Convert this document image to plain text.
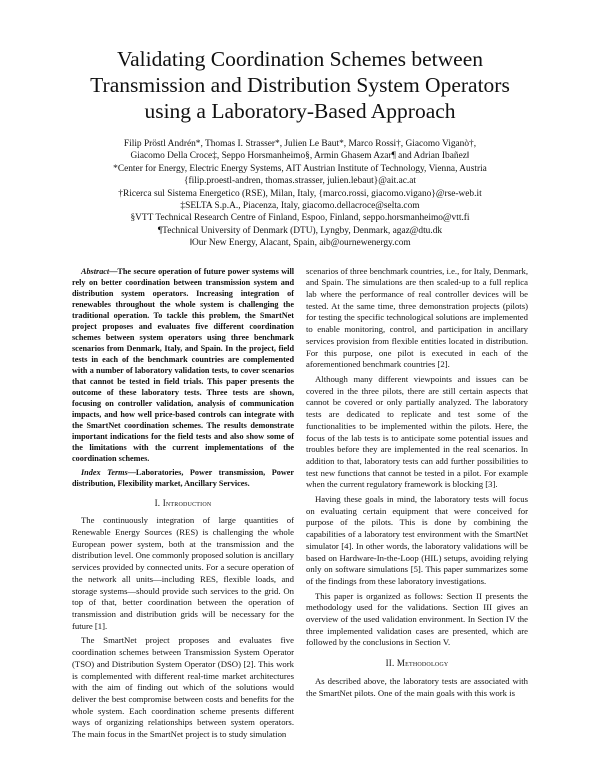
Validating Coordination Schemes between
Transmission and Distribution System Operators
using a Laboratory-Based Approach
Filip Pröstl Andrén*, Thomas I. Strasser*, Julien Le Baut*, Marco Rossi†, Giacomo Viganò†,
Giacomo Della Croce‡, Seppo Horsmanheimo§, Armin Ghasem Azar¶ and Adrian Ibañez‖
*Center for Energy, Electric Energy Systems, AIT Austrian Institute of Technology, Vienna, Austria
{filip.proestl-andren, thomas.strasser, julien.lebaut}@ait.ac.at
†Ricerca sul Sistema Energetico (RSE), Milan, Italy, {marco.rossi, giacomo.vigano}@rse-web.it
‡SELTA S.p.A., Piacenza, Italy, giacomo.dellacroce@selta.com
§VTT Technical Research Centre of Finland, Espoo, Finland, seppo.horsmanheimo@vtt.fi
¶Technical University of Denmark (DTU), Lyngby, Denmark, agaz@dtu.dk
‖Our New Energy, Alacant, Spain, aib@ournewenergy.com

Abstract—The secure operation of future power systems will rely on better coordination between transmission system and distribution system operators. Increasing integration of renewables throughout the whole system is challenging the traditional operation. To tackle this problem, the SmartNet project proposes and evaluates five different coordination schemes between system operators using three benchmark scenarios from Denmark, Italy, and Spain. In the project, field tests in each of the benchmark countries are complemented with a number of laboratory validation tests, to cover scenarios that cannot be tested in field trials. This paper presents the outcome of these laboratory tests. Three tests are shown, focusing on controller validation, analysis of communication impacts, and how well price-based controls can integrate with the SmartNet coordination schemes. The results demonstrate important indications for the field tests and also show some of the limitations with the current implementations of the coordination schemes.

Index Terms—Laboratories, Power transmission, Power distribution, Flexibility market, Ancillary Services.
I. Introduction

The continuously integration of large quantities of Renewable Energy Sources (RES) is challenging the whole European power system, both at the transmission and the distribution level. One commonly proposed solution is ancillary services provided by connected units. For a secure operation of the network all units—including RES, flexible loads, and storage systems—should provide such services to the grid. On top of that, better coordination between the operation of transmission and distribution grids will be necessary for the future [1].

The SmartNet project proposes and evaluates five coordination schemes between Transmission System Operator (TSO) and Distribution System Operator (DSO) [2]. This work is complemented with different real-time market architectures with the aim of finding out which of the solutions would deliver the best compromise between costs and benefits for the whole system. Each coordination scheme presents different ways of organizing relationships between system operators. The main focus in the SmartNet project is to study simulation

scenarios of three benchmark countries, i.e., for Italy, Denmark, and Spain. The simulations are then scaled-up to a full replica lab where the performance of real controller devices will be tested. At the same time, three demonstration projects (pilots) for testing the specific technological solutions are implemented to enable monitoring, control, and participation in ancillary services provision from flexible entities located in distribution. For this purpose, one pilot is executed in each of the aforementioned benchmark countries [2].

Although many different viewpoints and issues can be covered in the three pilots, there are still certain aspects that cannot be covered or only partially analyzed. The laboratory tests are dedicated to replicate and test some of the functionalities to be implemented within the pilots. Here, the focus of the lab tests is to anticipate some potential issues and troubles before they are implemented in the real scenarios. In addition to that, laboratory tests can add further possibilities to test new functions that cannot be tested in a pilot. For example when the current regulatory framework is blocking [3].

Having these goals in mind, the laboratory tests will focus on evaluating certain equipment that were conceived for purpose of the pilots. This is done by combining the capabilities of a laboratory test environment with the SmartNet simulator [4]. In other words, the laboratory validations will be based on Hardware-In-the-Loop (HIL) setups, avoiding relying only on software simulations [5]. This paper summarizes some of the findings from these laboratory investigations.

This paper is organized as follows: Section II presents the methodology used for the validations. Section III gives an overview of the used validation environment. In Section IV the three implemented validation cases are presented, which are followed by the conclusions in Section V.

II. Methodology

As described above, the laboratory tests are associated with the SmartNet pilots. One of the main goals with this work is
